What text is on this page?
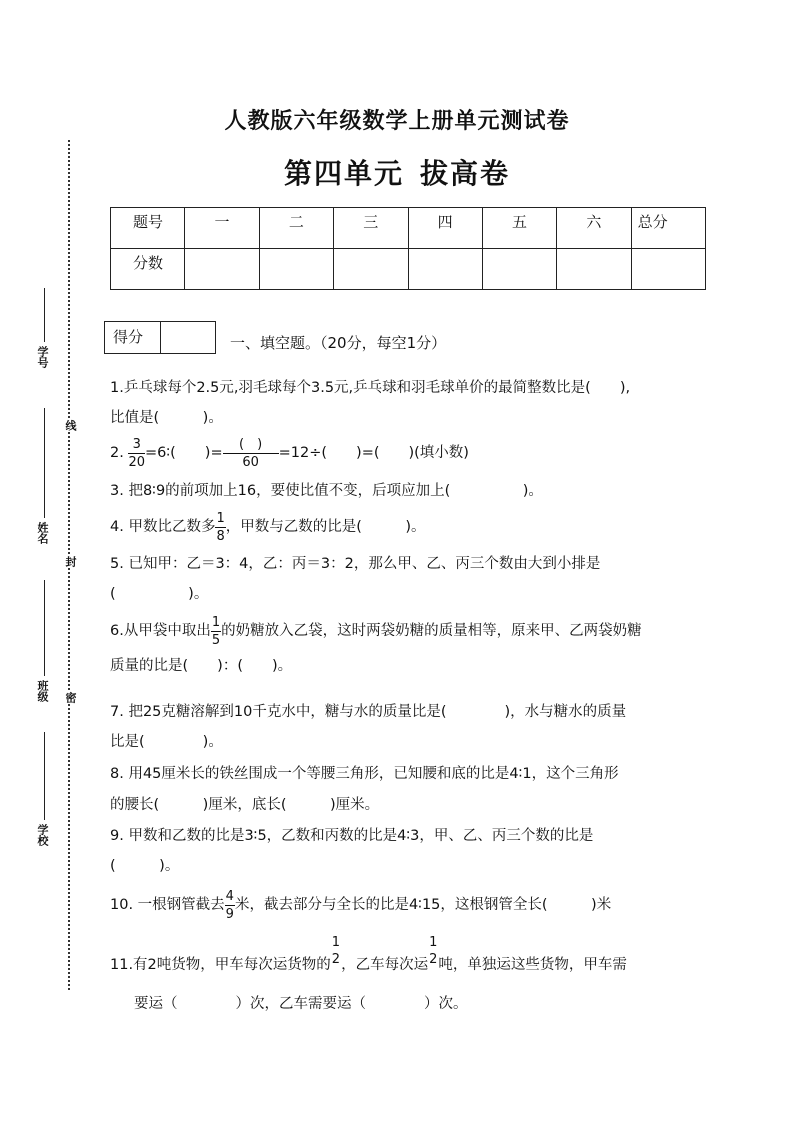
学号
姓名
班级
学校
线
封
密
人教版六年级数学上册单元测试卷
第四单元 拔高卷
题号	一	二	三	四	五	六	总分
分数							
得分	一、填空题。（20分，每空1分）
1.乒乓球每个2.5元,羽毛球每个3.5元,乒乓球和羽毛球单价的最简整数比是(　　),
比值是(　　　)。
2. $\frac{3}{20}$ =6∶(　　)= $\frac{( )}{60} =12\div$(　　)=(　　)(填小数)
3. 把8∶9的前项加上16，要使比值不变，后项应加上(　　　　　)。
4. 甲数比乙数多 $\frac{1}{8}$ ，甲数与乙数的比是(　　　)。
5. 已知甲：乙＝3：4，乙：丙＝3：2，那么甲、乙、丙三个数由大到小排是
(　　　　　)。
6.从甲袋中取出 $\frac{1}{5}$ 的奶糖放入乙袋，这时两袋奶糖的质量相等，原来甲、乙两袋奶糖
质量的比是(　　)：(　　)。
7. 把25克糖溶解到10千克水中，糖与水的质量比是(　　　　)，水与糖水的质量
比是(　　　　)。
8. 用45厘米长的铁丝围成一个等腰三角形，已知腰和底的比是4∶1，这个三角形
的腰长(　　　)厘米，底长(　　　)厘米。
9. 甲数和乙数的比是3∶5，乙数和丙数的比是4∶3，甲、乙、丙三个数的比是
(　　　)。
10. 一根钢管截去 $\frac{4}{9}$ 米，截去部分与全长的比是4∶15，这根钢管全长(　　　)米
11.有2吨货物，甲车每次运货物的
1
2 ，乙车每次运
1
2 吨，单独运这些货物，甲车需
要运（　　　　）次，乙车需要运（　　　　）次。
